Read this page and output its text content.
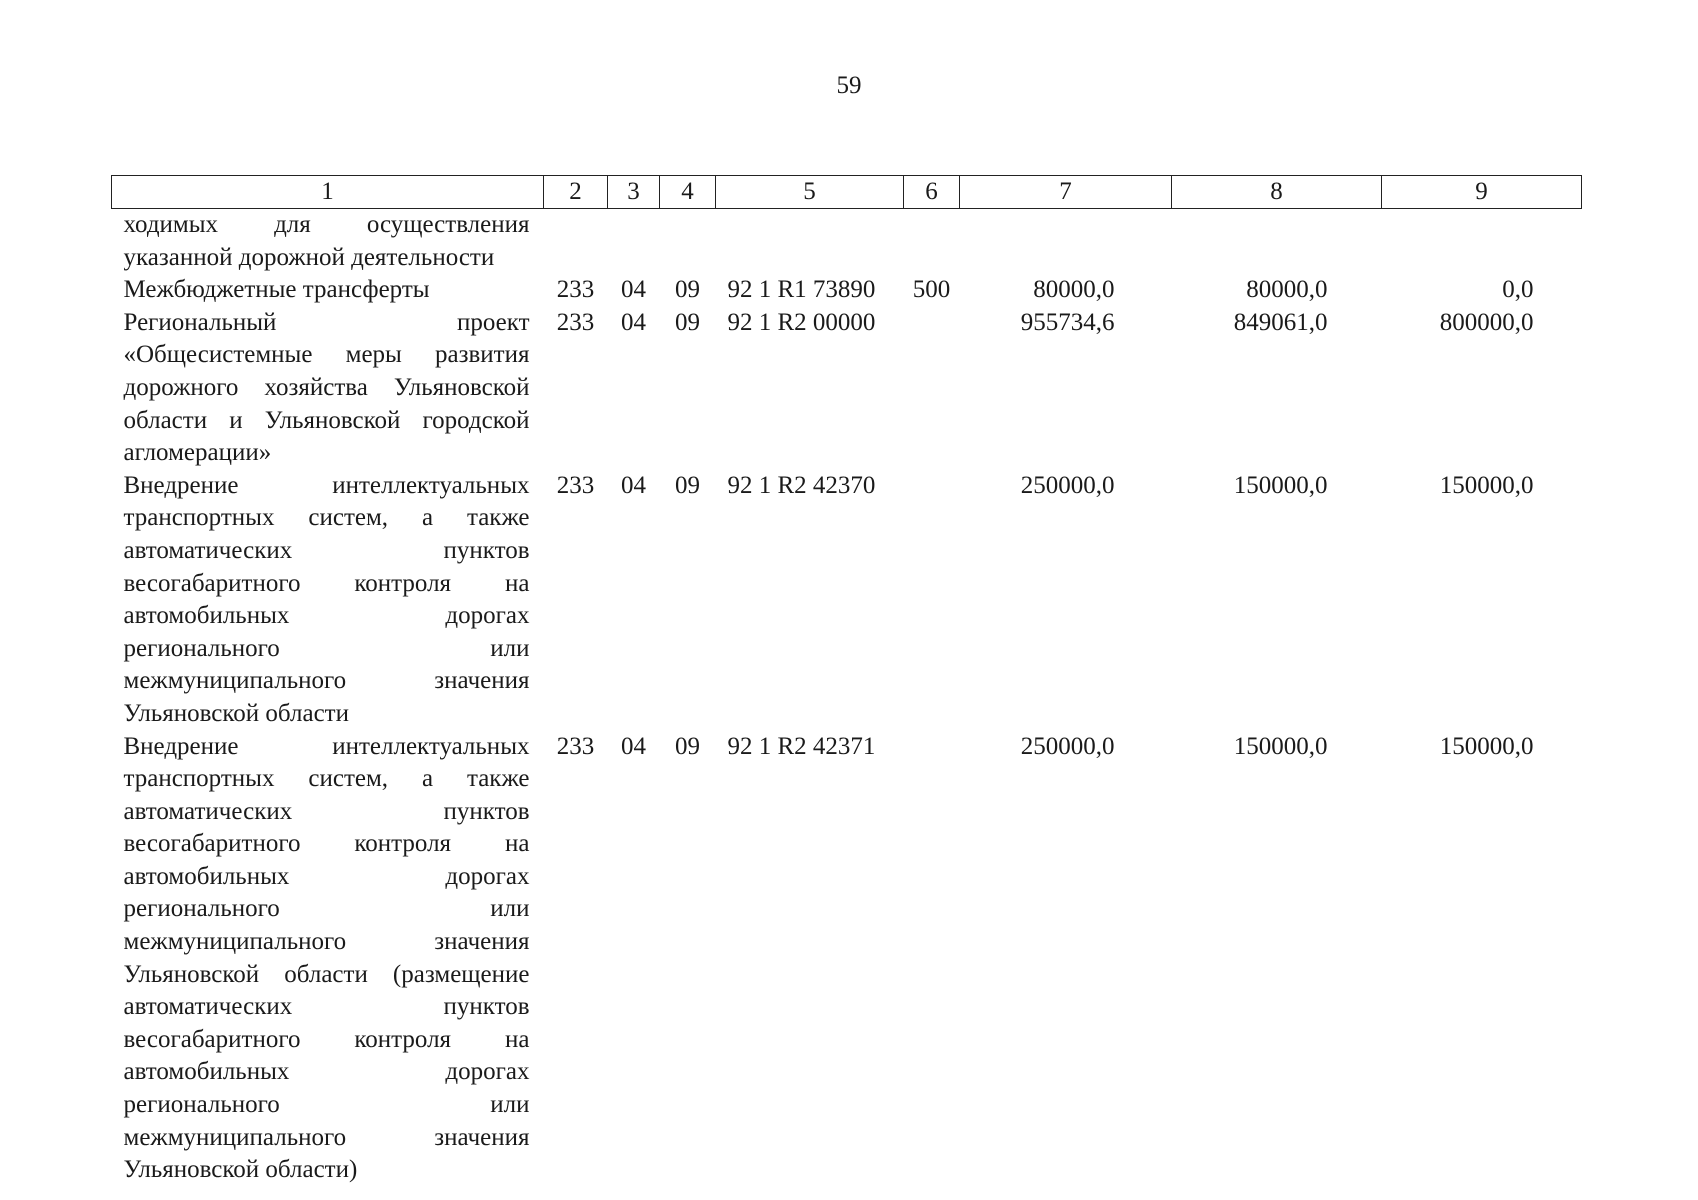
59
1	2	3	4	5	6	7	8	9
ходимых для осуществления указанной дорожной деятельности								
Межбюджетные трансферты	233	04	09	92 1 R1 73890	500	80000,0	80000,0	0,0
Региональный проект «Общесистемные меры развития дорожного хозяйства Ульяновской области и Ульяновской городской агломерации»	233	04	09	92 1 R2 00000		955734,6	849061,0	800000,0
Внедрение интеллектуальных транспортных систем, а также автоматических пунктов весогабаритного контроля на автомобильных дорогах регионального или межмуниципального значения Ульяновской области	233	04	09	92 1 R2 42370		250000,0	150000,0	150000,0
Внедрение интеллектуальных транспортных систем, а также автоматических пунктов весогабаритного контроля на автомобильных дорогах регионального или межмуниципального значения Ульяновской области (размещение автоматических пунктов весогабаритного контроля на автомобильных дорогах регионального или межмуниципального значения Ульяновской области)	233	04	09	92 1 R2 42371		250000,0	150000,0	150000,0
